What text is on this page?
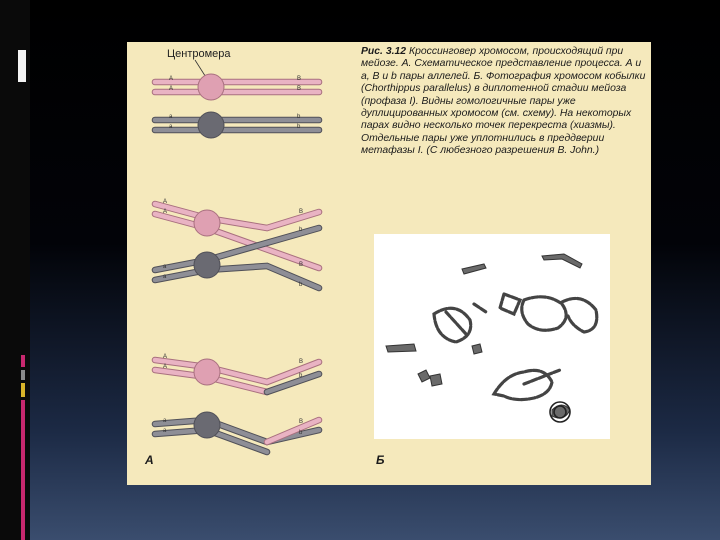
Центромера
A
A
B
B
a
a
b
b
A
A	B
B
a
a
b
b
A
A
B
b
a
a
B
b
Рис. 3.12 Кроссинговер хромосом, происходящий при мейозе. А. Схематическое представление процесса. А и а, В и b пары аллелей. Б. Фотография хромосом кобылки (Chorthippus parallelus) в диплотенной стадии мейоза (профаза I). Видны гомологичные пары уже дуплицированных хромосом (см. схему). На некоторых парах видно несколько точек перекреста (хиазмы). Отдельные пары уже уплотнились в преддверии метафазы I. (С любезного разрешения B. John.)
А	Б
